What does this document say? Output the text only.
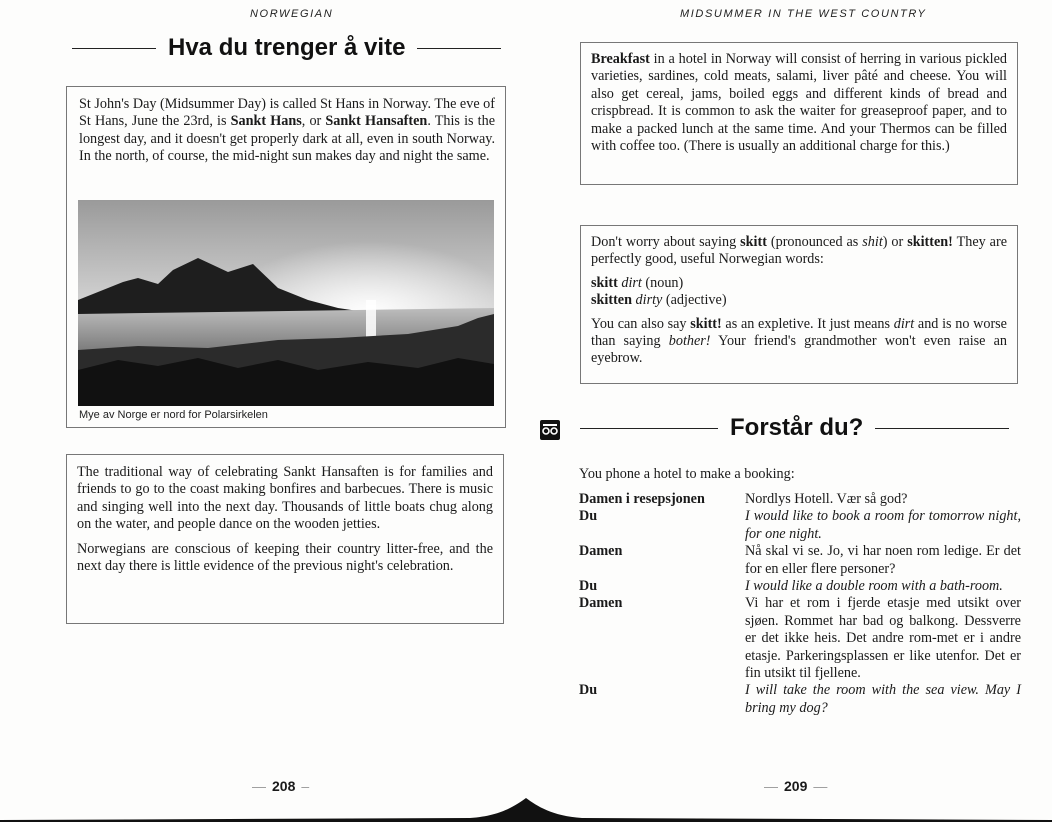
NORWEGIAN
Hva du trenger å vite

St John's Day (Midsummer Day) is called St Hans in Norway. The eve of St Hans, June the 23rd, is Sankt Hans, or Sankt Hansaften. This is the longest day, and it doesn't get properly dark at all, even in south Norway. In the north, of course, the mid-night sun makes day and night the same.

Mye av Norge er nord for Polarsirkelen

The traditional way of celebrating Sankt Hansaften is for families and friends to go to the coast making bonfires and barbecues. There is music and singing well into the next day. Thousands of little boats chug along on the water, and people dance on the wooden jetties.

Norwegians are conscious of keeping their country litter-free, and the next day there is little evidence of the previous night's celebration.

— 208 –
MIDSUMMER IN THE WEST COUNTRY

Breakfast in a hotel in Norway will consist of herring in various pickled varieties, sardines, cold meats, salami, liver pâté and cheese. You will also get cereal, jams, boiled eggs and different kinds of bread and crispbread. It is common to ask the waiter for greaseproof paper, and to make a packed lunch at the same time. And your Thermos can be filled with coffee too. (There is usually an additional charge for this.)

Don't worry about saying skitt (pronounced as shit) or skitten! They are perfectly good, useful Norwegian words:

skitt dirt (noun)

skitten dirty (adjective)

You can also say skitt! as an expletive. It just means dirt and is no worse than saying bother! Your friend's grandmother won't even raise an eyebrow.

Forstår du?
You phone a hotel to make a booking:
Damen i resepsjonen	Nordlys Hotell. Vær så god?
Du	I would like to book a room for tomorrow night, for one night.
Damen	Nå skal vi se. Jo, vi har noen rom ledige. Er det for en eller flere personer?
Du	I would like a double room with a bath-room.
Damen	Vi har et rom i fjerde etasje med utsikt over sjøen. Rommet har bad og balkong. Dessverre er det ikke heis. Det andre rom-met er i andre etasje. Parkeringsplassen er like utenfor. Det er fin utsikt til fjellene.
Du	I will take the room with the sea view. May I bring my dog?
— 209 —
